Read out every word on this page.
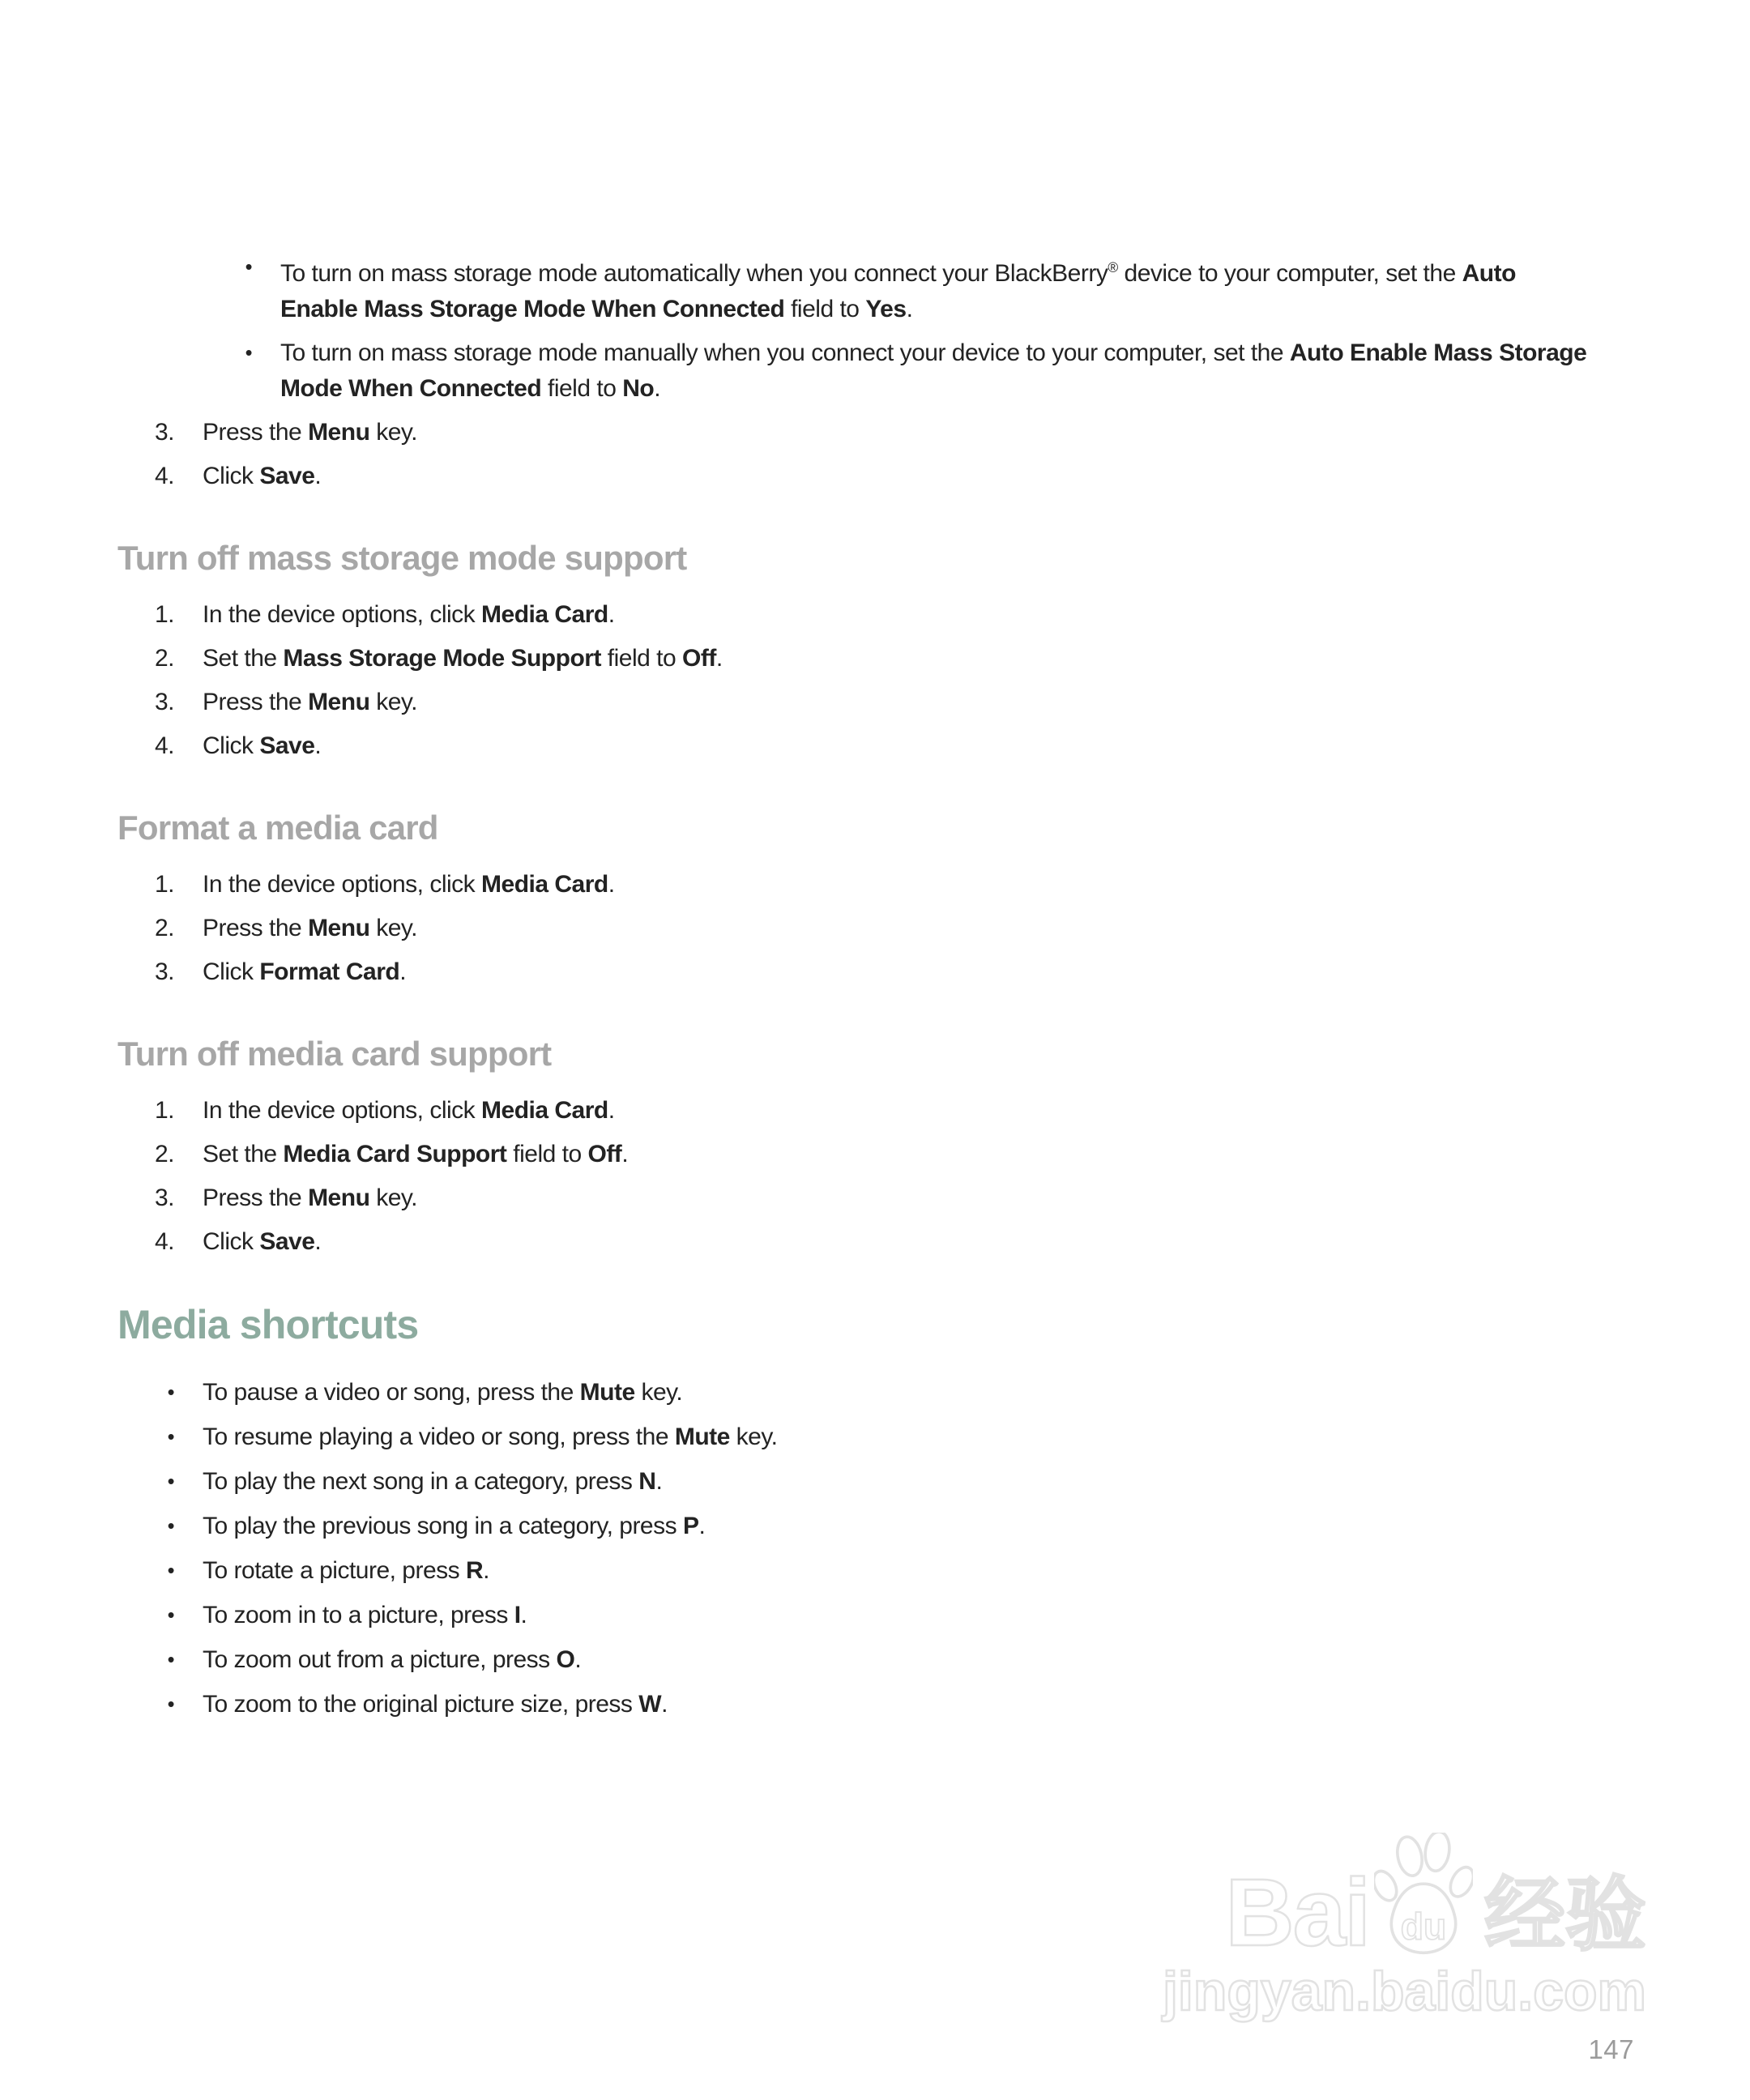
• To turn on mass storage mode automatically when you connect your BlackBerry® device to your computer, set the Auto
Enable Mass Storage Mode When Connected field to Yes.
• To turn on mass storage mode manually when you connect your device to your computer, set the Auto Enable Mass Storage
Mode When Connected field to No.
3. Press the Menu key.
4. Click Save.
Turn off mass storage mode support
1. In the device options, click Media Card.
2. Set the Mass Storage Mode Support field to Off.
3. Press the Menu key.
4. Click Save.
Format a media card
1. In the device options, click Media Card.
2. Press the Menu key.
3. Click Format Card.
Turn off media card support
1. In the device options, click Media Card.
2. Set the Media Card Support field to Off.
3. Press the Menu key.
4. Click Save.
Media shortcuts
• To pause a video or song, press the Mute key.
• To resume playing a video or song, press the Mute key.
• To play the next song in a category, press N.
• To play the previous song in a category, press P.
• To rotate a picture, press R.
• To zoom in to a picture, press I.
• To zoom out from a picture, press O.
• To zoom to the original picture size, press W.
Bai du 经验
jingyan.baidu.com
147
